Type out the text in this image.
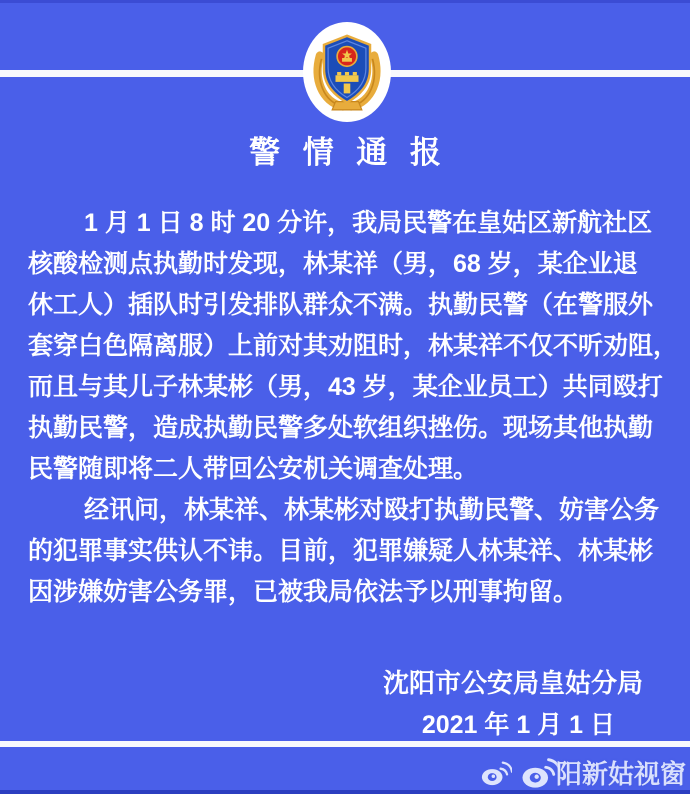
警 情 通 报
1 月 1 日 8 时 20 分许，我局民警在皇姑区新航社区
核酸检测点执勤时发现，林某祥（男，68 岁，某企业退
休工人）插队时引发排队群众不满。执勤民警（在警服外
套穿白色隔离服）上前对其劝阻时，林某祥不仅不听劝阻，
而且与其儿子林某彬（男，43 岁，某企业员工）共同殴打
执勤民警，造成执勤民警多处软组织挫伤。现场其他执勤
民警随即将二人带回公安机关调查处理。
经讯问，林某祥、林某彬对殴打执勤民警、妨害公务
的犯罪事实供认不讳。目前，犯罪嫌疑人林某祥、林某彬
因涉嫌妨害公务罪，已被我局依法予以刑事拘留。
沈阳市公安局皇姑分局
2021 年 1 月 1 日
阳新姑视窗
